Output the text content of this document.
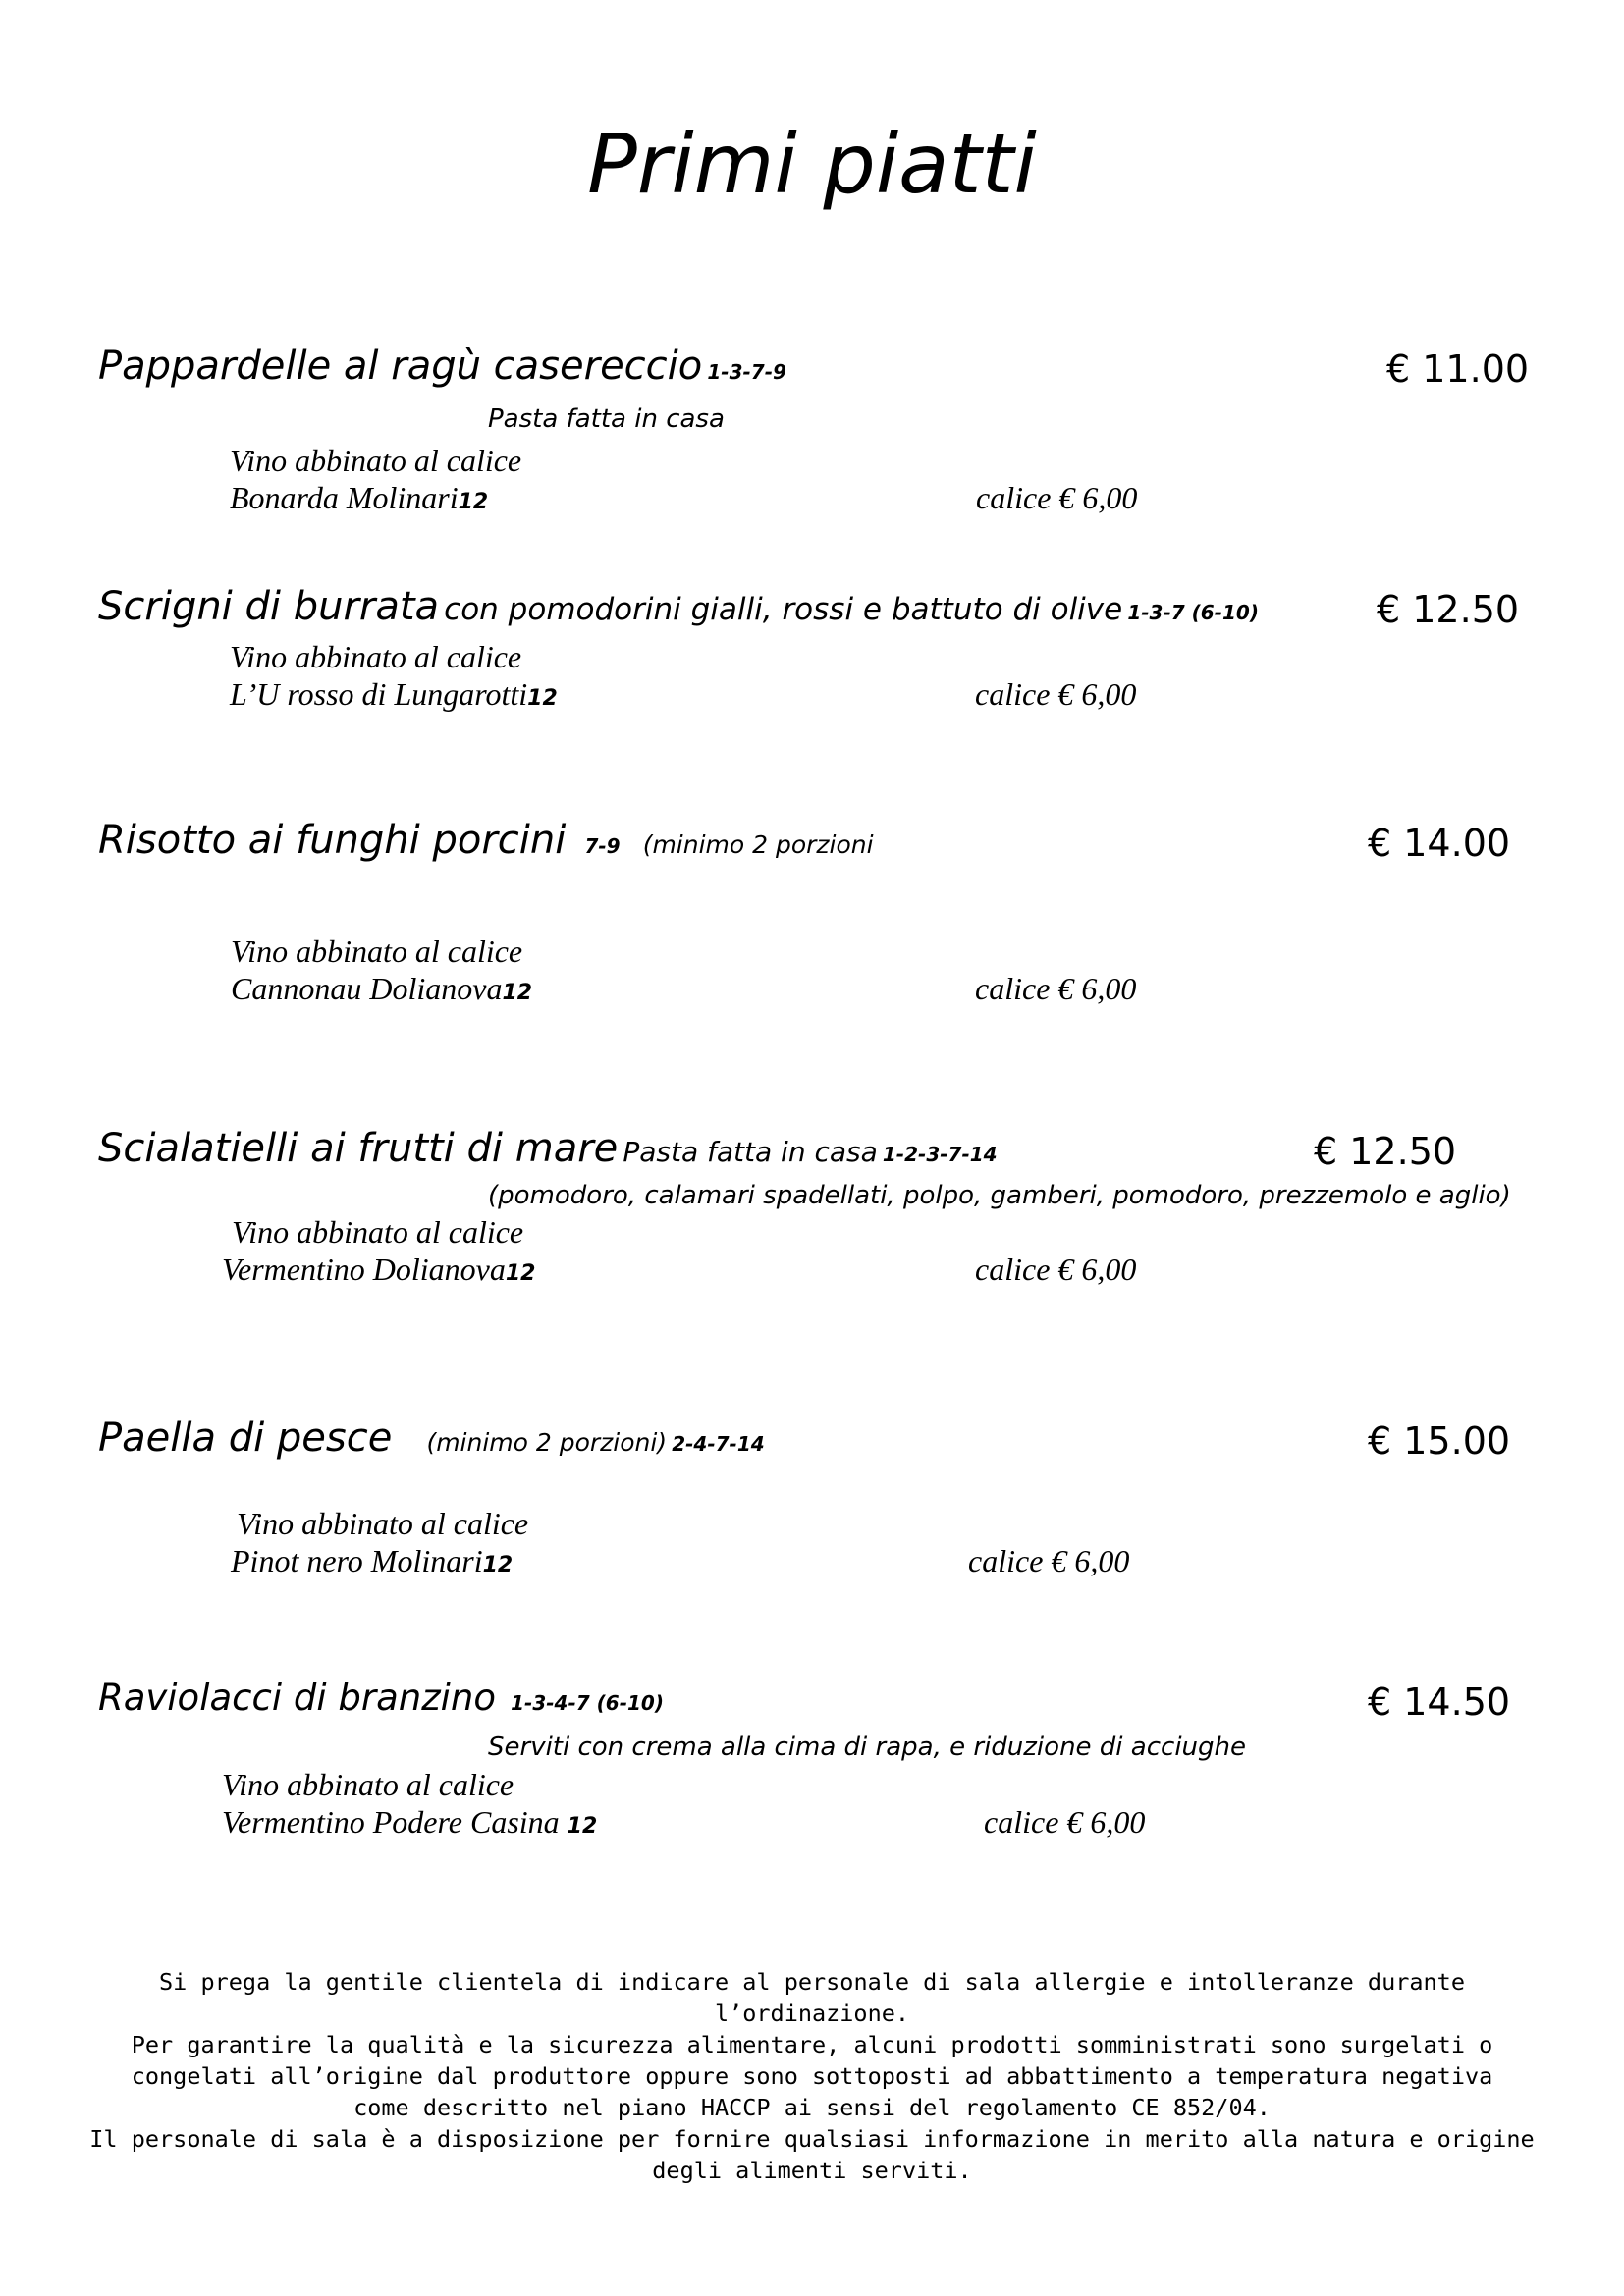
Primi piatti
Pappardelle al ragù casereccio 1-3-7-9	€ 11.00
Pasta fatta in casa
Vino abbinato al calice
Bonarda Molinari12	calice € 6,00
Scrigni di burrata con pomodorini gialli, rossi e battuto di olive 1-3-7 (6-10)	€ 12.50
Vino abbinato al calice
L’U rosso di Lungarotti12	calice € 6,00
Risotto ai funghi porcini 7-9 (minimo 2 porzioni	€ 14.00
Vino abbinato al calice
Cannonau Dolianova12	calice € 6,00
Scialatielli ai frutti di mare Pasta fatta in casa 1-2-3-7-14	€ 12.50
(pomodoro, calamari spadellati, polpo, gamberi, pomodoro, prezzemolo e aglio)
Vino abbinato al calice
Vermentino Dolianova12	calice € 6,00
Paella di pesce (minimo 2 porzioni) 2-4-7-14	€ 15.00
Vino abbinato al calice
Pinot nero Molinari12	calice € 6,00
Raviolacci di branzino 1-3-4-7 (6-10)	€ 14.50
Serviti con crema alla cima di rapa, e riduzione di acciughe
Vino abbinato al calice
Vermentino Podere Casina 12	calice € 6,00
Si prega la gentile clientela di indicare al personale di sala allergie e intolleranze durante
l’ordinazione.
Per garantire la qualità e la sicurezza alimentare, alcuni prodotti somministrati sono surgelati o
congelati all’origine dal produttore oppure sono sottoposti ad abbattimento a temperatura negativa
come descritto nel piano HACCP ai sensi del regolamento CE 852/04.
Il personale di sala è a disposizione per fornire qualsiasi informazione in merito alla natura e origine
degli alimenti serviti.
